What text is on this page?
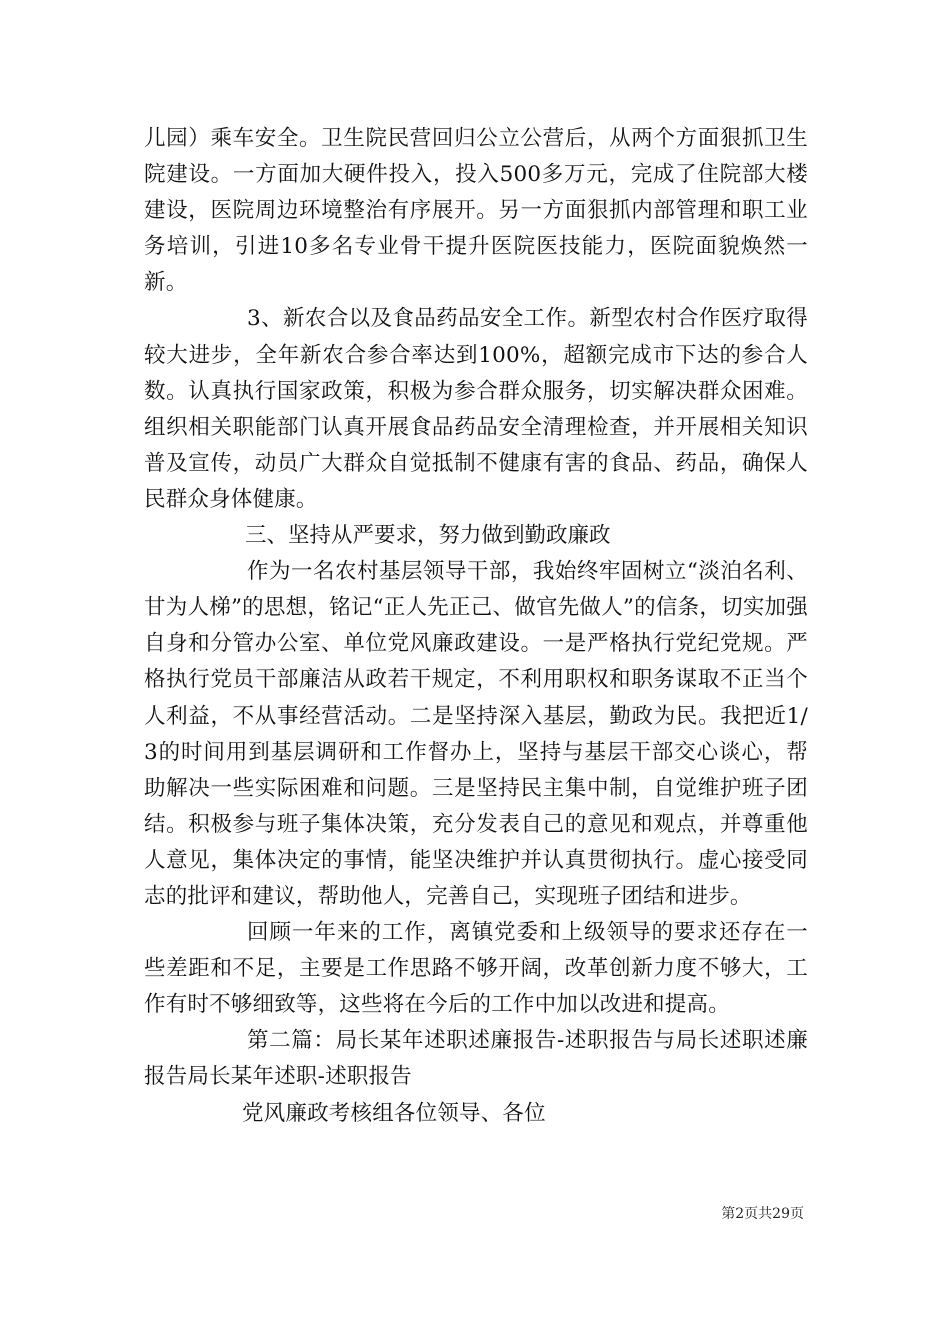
儿园）乘车安全。卫生院民营回归公立公营后，从两个方面狠抓卫生院建设。一方面加大硬件投入，投入500多万元，完成了住院部大楼建设，医院周边环境整治有序展开。另一方面狠抓内部管理和职工业务培训，引进10多名专业骨干提升医院医技能力，医院面貌焕然一新。

3、新农合以及食品药品安全工作。新型农村合作医疗取得较大进步，全年新农合参合率达到100%，超额完成市下达的参合人数。认真执行国家政策，积极为参合群众服务，切实解决群众困难。组织相关职能部门认真开展食品药品安全清理检查，并开展相关知识普及宣传，动员广大群众自觉抵制不健康有害的食品、药品，确保人民群众身体健康。

三、坚持从严要求，努力做到勤政廉政

作为一名农村基层领导干部，我始终牢固树立“淡泊名利、甘为人梯”的思想，铭记“正人先正己、做官先做人”的信条，切实加强自身和分管办公室、单位党风廉政建设。一是严格执行党纪党规。严格执行党员干部廉洁从政若干规定，不利用职权和职务谋取不正当个人利益，不从事经营活动。二是坚持深入基层，勤政为民。我把近1/3的时间用到基层调研和工作督办上，坚持与基层干部交心谈心，帮助解决一些实际困难和问题。三是坚持民主集中制，自觉维护班子团结。积极参与班子集体决策，充分发表自己的意见和观点，并尊重他人意见，集体决定的事情，能坚决维护并认真贯彻执行。虚心接受同志的批评和建议，帮助他人，完善自己，实现班子团结和进步。

回顾一年来的工作，离镇党委和上级领导的要求还存在一些差距和不足，主要是工作思路不够开阔，改革创新力度不够大，工作有时不够细致等，这些将在今后的工作中加以改进和提高。

第二篇：局长某年述职述廉报告-述职报告与局长述职述廉报告局长某年述职-述职报告

党风廉政考核组各位领导、各位

第2页共29页
